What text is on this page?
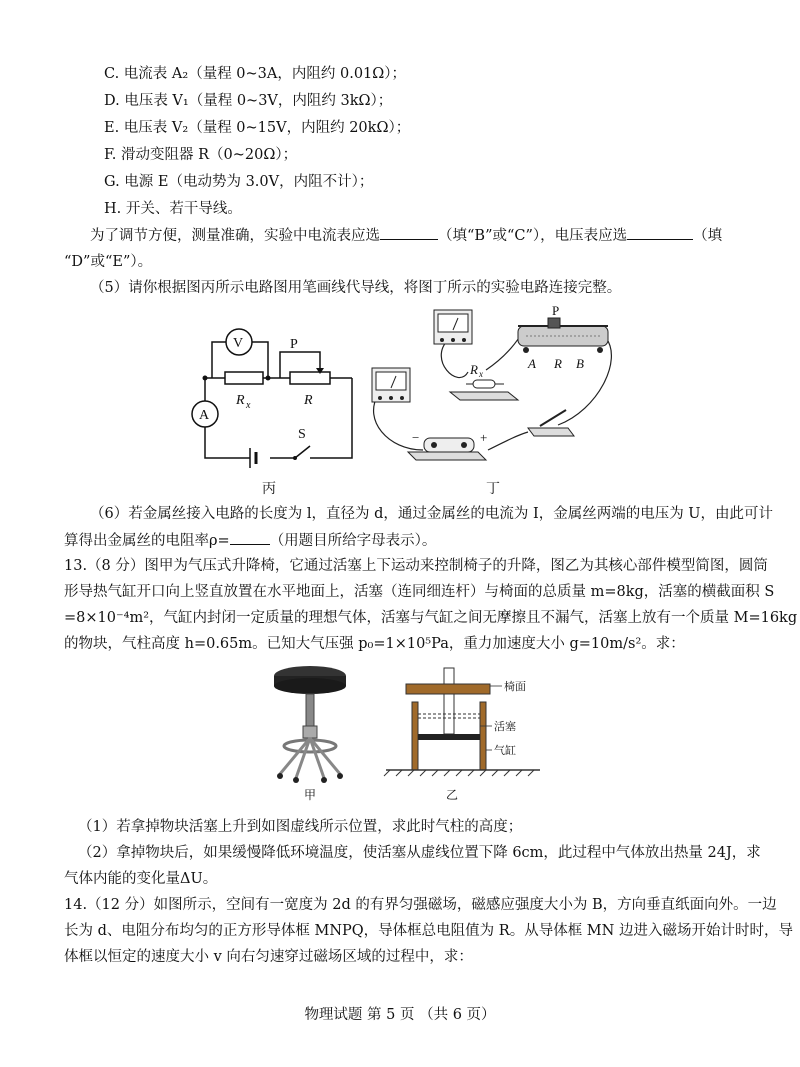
C. 电流表 A₂（量程 0~3A，内阻约 0.01Ω）；
D. 电压表 V₁（量程 0~3V，内阻约 3kΩ）；
E. 电压表 V₂（量程 0~15V，内阻约 20kΩ）；
F. 滑动变阻器 R（0~20Ω）；
G. 电源 E（电动势为 3.0V，内阻不计）；
H. 开关、若干导线。
为了调节方便，测量准确，实验中电流表应选	（填“B”或“C”），电压表应选	（填
“D”或“E”）。
（5）请你根据图丙所示电路图用笔画线代导线，将图丁所示的实验电路连接完整。
V
A
R x	R
P
S
丙
P
A R B
R x
−	+
丁
（6）若金属丝接入电路的长度为 l，直径为 d，通过金属丝的电流为 I，金属丝两端的电压为 U，由此可计
算得出金属丝的电阻率ρ=	（用题目所给字母表示）。
13.（8 分）图甲为气压式升降椅，它通过活塞上下运动来控制椅子的升降，图乙为其核心部件模型简图，圆筒
形导热气缸开口向上竖直放置在水平地面上，活塞（连同细连杆）与椅面的总质量 m=8kg，活塞的横截面积 S
=8×10⁻⁴m²，气缸内封闭一定质量的理想气体，活塞与气缸之间无摩擦且不漏气，活塞上放有一个质量 M=16kg
的物块，气柱高度 h=0.65m。已知大气压强 p₀=1×10⁵Pa，重力加速度大小 g=10m/s²。求：
甲
椅面
活塞
气缸
乙
（1）若拿掉物块活塞上升到如图虚线所示位置，求此时气柱的高度；
（2）拿掉物块后，如果缓慢降低环境温度，使活塞从虚线位置下降 6cm，此过程中气体放出热量 24J，求
气体内能的变化量ΔU。
14.（12 分）如图所示，空间有一宽度为 2d 的有界匀强磁场，磁感应强度大小为 B，方向垂直纸面向外。一边
长为 d、电阻分布均匀的正方形导体框 MNPQ，导体框总电阻值为 R。从导体框 MN 边进入磁场开始计时时，导
体框以恒定的速度大小 v 向右匀速穿过磁场区域的过程中，求：
物理试题 第 5 页 （共 6 页）
